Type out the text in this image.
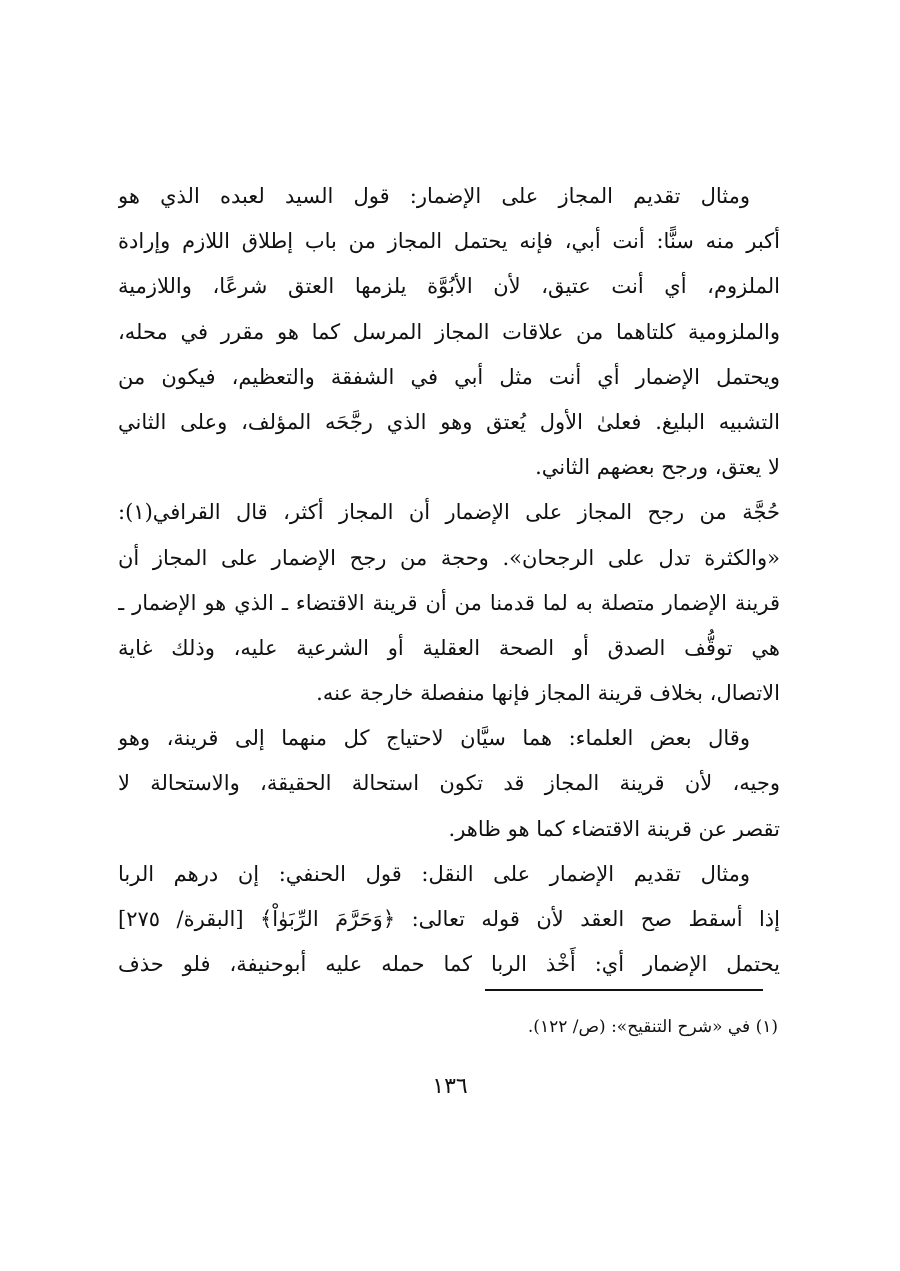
ومثال تقديم المجاز على الإضمار: قول السيد لعبده الذي هو
أكبر منه سنًّا: أنت أبي، فإنه يحتمل المجاز من باب إطلاق اللازم وإرادة
الملزوم، أي أنت عتيق، لأن الأبُوَّة يلزمها العتق شرعًا، واللازمية
والملزومية كلتاهما من علاقات المجاز المرسل كما هو مقرر في محله،
ويحتمل الإضمار أي أنت مثل أبي في الشفقة والتعظيم، فيكون من
التشبيه البليغ. فعلىٰ الأول يُعتق وهو الذي رجَّحَه المؤلف، وعلى الثاني
لا يعتق، ورجح بعضهم الثاني.
حُجَّة من رجح المجاز على الإضمار أن المجاز أكثر، قال القرافي(١):
«والكثرة تدل على الرجحان». وحجة من رجح الإضمار على المجاز أن
قرينة الإضمار متصلة به لما قدمنا من أن قرينة الاقتضاء ـ الذي هو الإضمار ـ
هي توقُّف الصدق أو الصحة العقلية أو الشرعية عليه، وذلك غاية
الاتصال، بخلاف قرينة المجاز فإنها منفصلة خارجة عنه.
وقال بعض العلماء: هما سيَّان لاحتياج كل منهما إلى قرينة، وهو
وجيه، لأن قرينة المجاز قد تكون استحالة الحقيقة، والاستحالة لا
تقصر عن قرينة الاقتضاء كما هو ظاهر.
ومثال تقديم الإضمار على النقل: قول الحنفي: إن درهم الربا
إذا أسقط صح العقد لأن قوله تعالى: ﴿وَحَرَّمَ الرِّبَوٰاْ﴾ [البقرة/ ٢٧٥]
يحتمل الإضمار أي: أَخْذ الربا كما حمله عليه أبوحنيفة، فلو حذف
(١) في «شرح التنقيح»: (ص/ ١٢٢).
١٣٦
